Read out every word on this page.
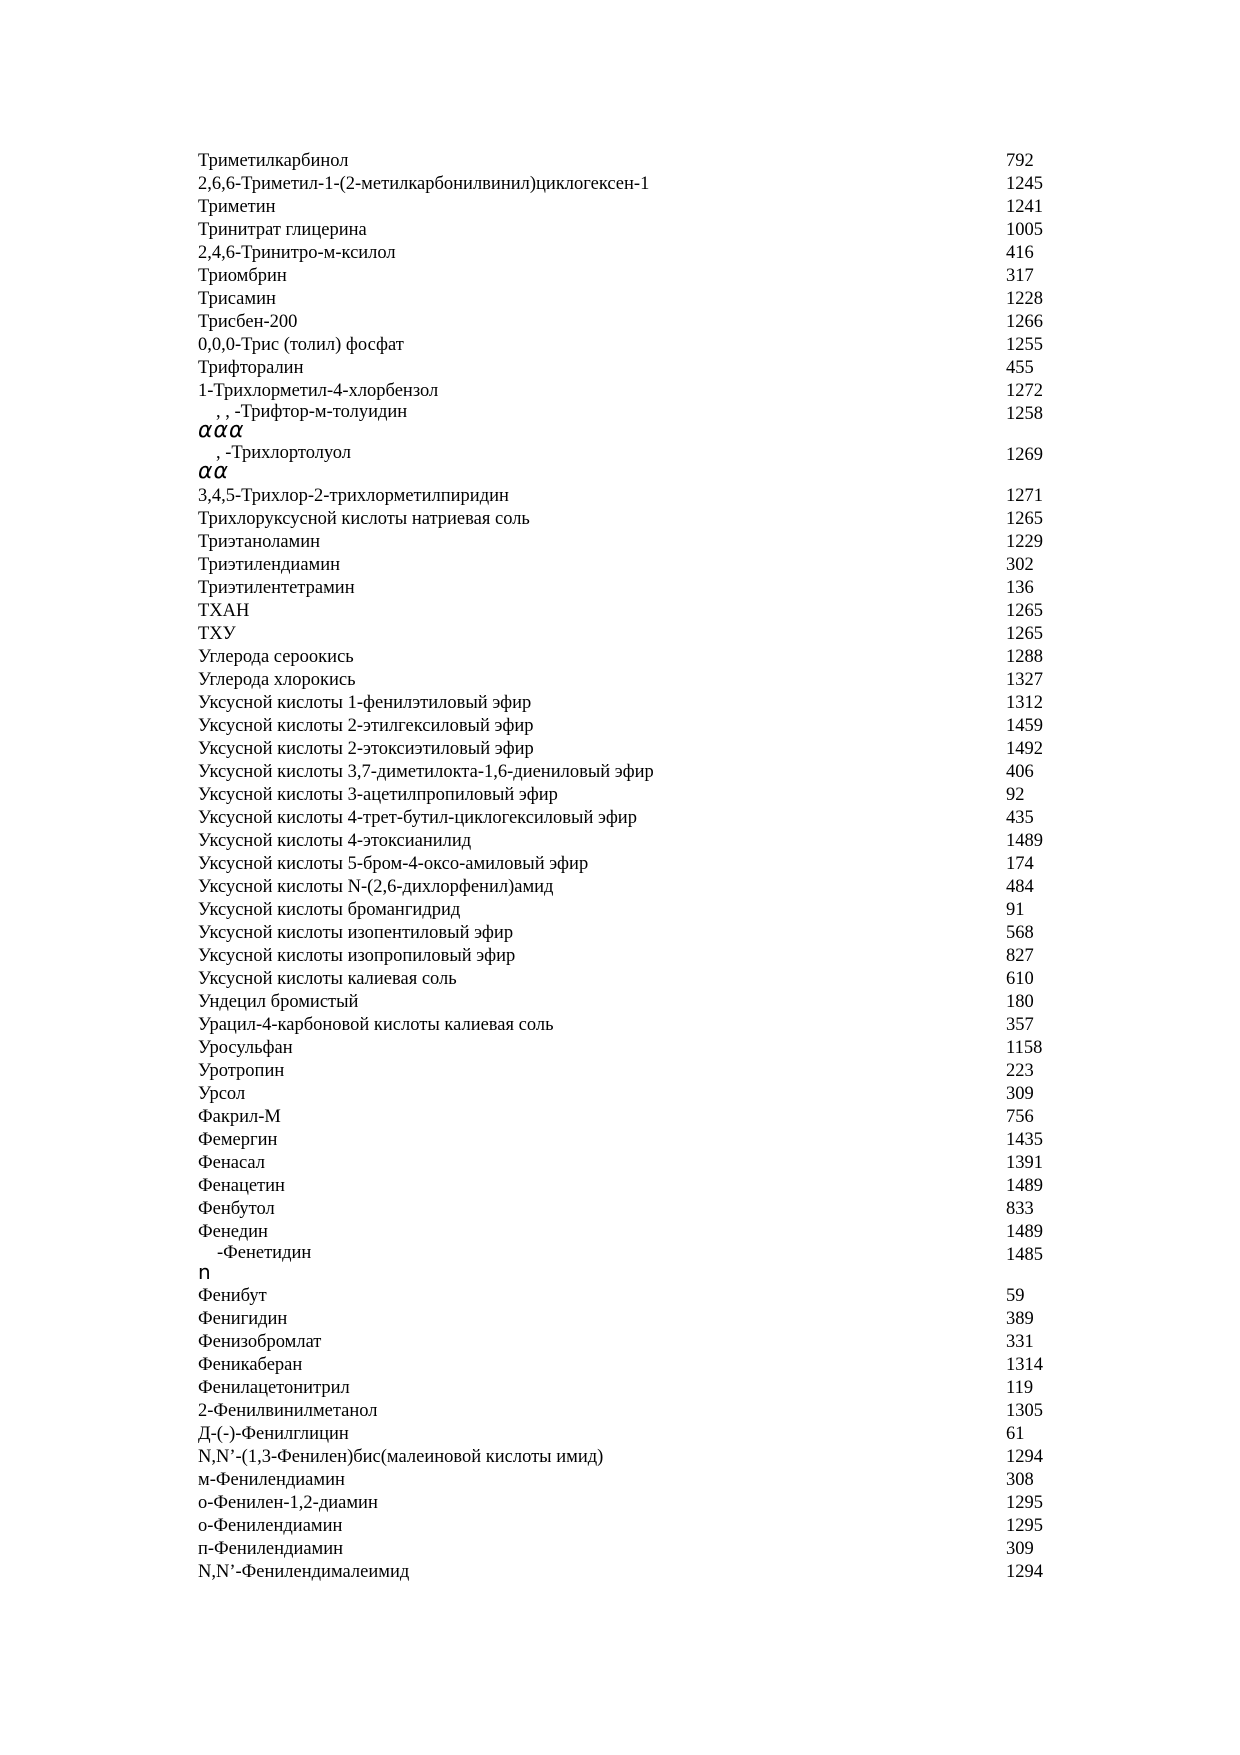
Триметилкарбинол	792
2,6,6-Триметил-1-(2-метилкарбонилвинил)циклогексен-1	1245
Триметин	1241
Тринитрат глицерина	1005
2,4,6-Тринитро-м-ксилол	416
Триомбрин	317
Трисамин	1228
Трисбен-200	1266
0,0,0-Трис (толил) фосфат	1255
Трифторалин	455
1-Трихлорметил-4-хлорбензол	1272
ααα
, , -Трифтор-м-толуидин	1258
αα
, -Трихлортолуол	1269
3,4,5-Трихлор-2-трихлорметилпиридин	1271
Трихлоруксусной кислоты натриевая соль	1265
Триэтаноламин	1229
Триэтилендиамин	302
Триэтилентетрамин	136
ТХАН	1265
ТХУ	1265
Углерода сероокись	1288
Углерода хлорокись	1327
Уксусной кислоты 1-фенилэтиловый эфир	1312
Уксусной кислоты 2-этилгексиловый эфир	1459
Уксусной кислоты 2-этоксиэтиловый эфир	1492
Уксусной кислоты 3,7-диметилокта-1,6-диениловый эфир	406
Уксусной кислоты 3-ацетилпропиловый эфир	92
Уксусной кислоты 4-трет-бутил-циклогексиловый эфир	435
Уксусной кислоты 4-этоксианилид	1489
Уксусной кислоты 5-бром-4-оксо-амиловый эфир	174
Уксусной кислоты N-(2,6-дихлорфенил)амид	484
Уксусной кислоты бромангидрид	91
Уксусной кислоты изопентиловый эфир	568
Уксусной кислоты изопропиловый эфир	827
Уксусной кислоты калиевая соль	610
Ундецил бромистый	180
Урацил-4-карбоновой кислоты калиевая соль	357
Уросульфан	1158
Уротропин	223
Урсол	309
Факрил-М	756
Фемергин	1435
Фенасал	1391
Фенацетин	1489
Фенбутол	833
Фенедин	1489
n
-Фенетидин	1485
Фенибут	59
Фенигидин	389
Фенизобромлат	331
Феникаберан	1314
Фенилацетонитрил	119
2-Фенилвинилметанол	1305
Д-(-)-Фенилглицин	61
N,N’-(1,3-Фенилен)бис(малеиновой кислоты имид)	1294
м-Фенилендиамин	308
о-Фенилен-1,2-диамин	1295
о-Фенилендиамин	1295
п-Фенилендиамин	309
N,N’-Фенилендималеимид	1294
